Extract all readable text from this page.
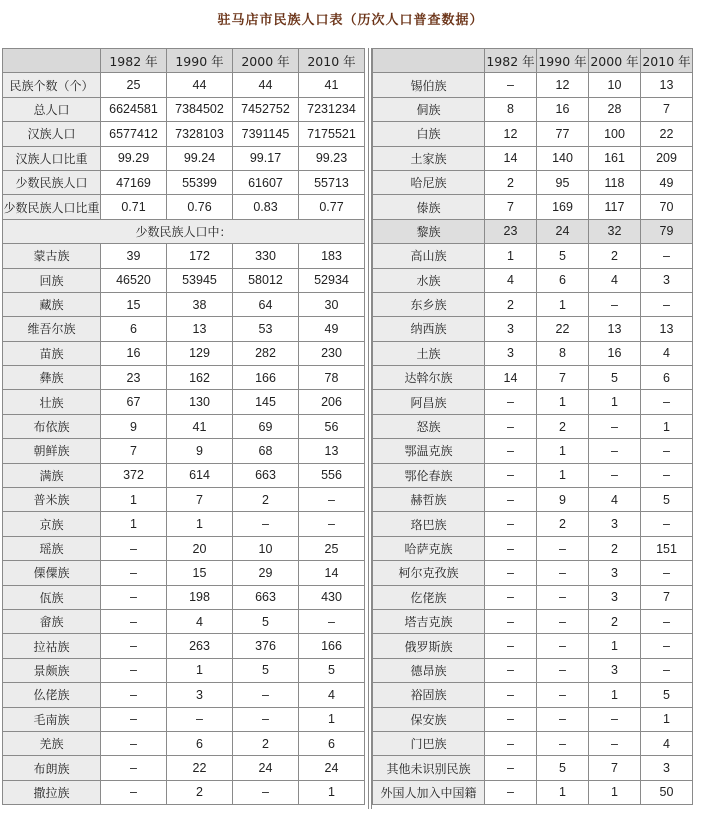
驻马店市民族人口表（历次人口普查数据）
	1982 年	1990 年	2000 年	2010 年
民族个数（个）	25	44	44	41
总人口	6624581	7384502	7452752	7231234
汉族人口	6577412	7328103	7391145	7175521
汉族人口比重	99.29	99.24	99.17	99.23
少数民族人口	47169	55399	61607	55713
少数民族人口比重	0.71	0.76	0.83	0.77
少数民族人口中：				
蒙古族	39	172	330	183
回族	46520	53945	58012	52934
藏族	15	38	64	30
维吾尔族	6	13	53	49
苗族	16	129	282	230
彝族	23	162	166	78
壮族	67	130	145	206
布依族	9	41	69	56
朝鲜族	7	9	68	13
满族	372	614	663	556
普米族	1	7	2	–
京族	1	1	–	–
瑶族	–	20	10	25
傈僳族	–	15	29	14
佤族	–	198	663	430
畲族	–	4	5	–
拉祜族	–	263	376	166
景颇族	–	1	5	5
仫佬族	–	3	–	4
毛南族	–	–	–	1
羌族	–	6	2	6
布朗族	–	22	24	24
撒拉族	–	2	–	1
	1982 年	1990 年	2000 年	2010 年
锡伯族	–	12	10	13
侗族	8	16	28	7
白族	12	77	100	22
土家族	14	140	161	209
哈尼族	2	95	118	49
傣族	7	169	117	70
黎族	23	24	32	79
高山族	1	5	2	–
水族	4	6	4	3
东乡族	2	1	–	–
纳西族	3	22	13	13
土族	3	8	16	4
达斡尔族	14	7	5	6
阿昌族	–	1	1	–
怒族	–	2	–	1
鄂温克族	–	1	–	–
鄂伦春族	–	1	–	–
赫哲族	–	9	4	5
珞巴族	–	2	3	–
哈萨克族	–	–	2	151
柯尔克孜族	–	–	3	–
仡佬族	–	–	3	7
塔吉克族	–	–	2	–
俄罗斯族	–	–	1	–
德昂族	–	–	3	–
裕固族	–	–	1	5
保安族	–	–	–	1
门巴族	–	–	–	4
其他未识别民族	–	5	7	3
外国人加入中国籍	–	1	1	50
